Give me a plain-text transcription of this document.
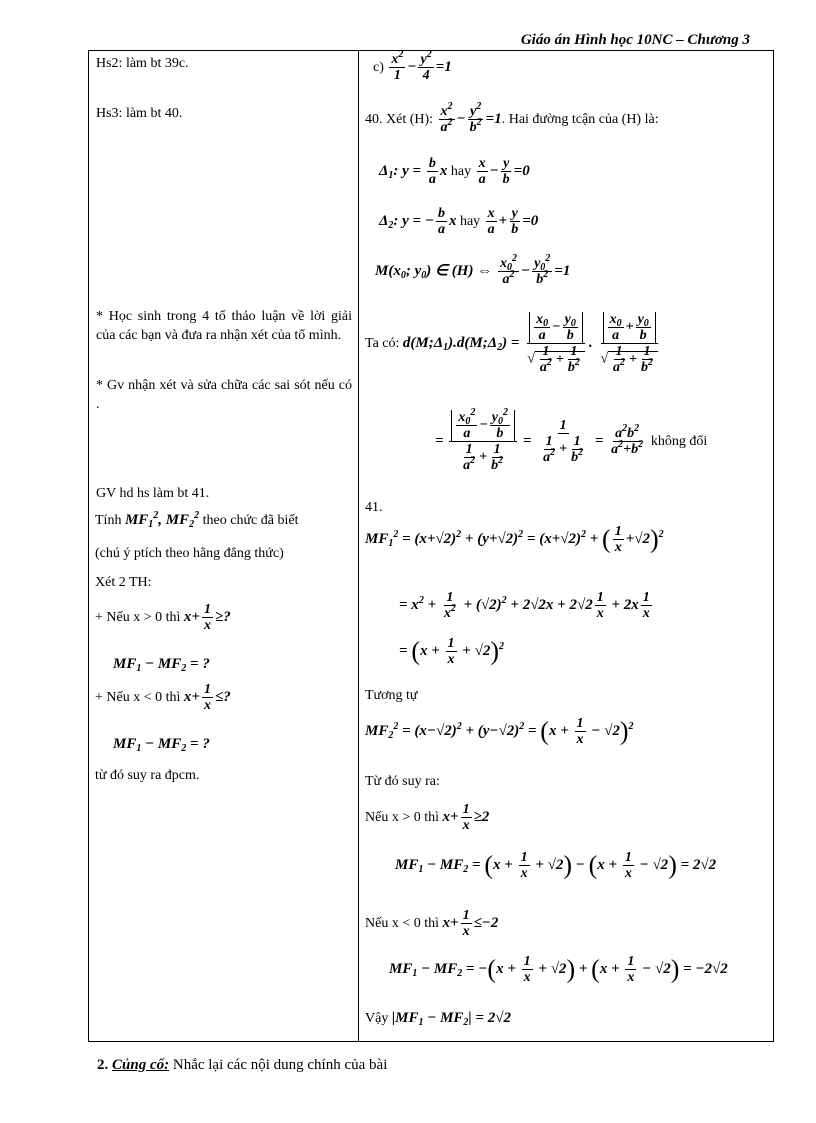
Giáo án Hình học 10NC – Chương 3
Hs2: làm bt 39c.
Hs3: làm bt 40.
* Học sinh trong 4 tổ thảo luận về lời giải của các bạn và đưa ra nhận xét của tổ mình.
* Gv nhận xét và sửa chữa các sai sót nếu có .
GV hd hs làm bt 41.
Tính $MF_1^2$, $MF_2^2$ theo chức đã biết
(chú ý ptích theo hằng đẳng thức)
Xét 2 TH:
+ Nếu x > 0 thì $x+ \frac{1}{x}$ ≥?
$MF_1 - MF_2$ = ?
+ Nếu x < 0 thì $x+ \frac{1}{x}$ ≤?
$MF_1 - MF_2$ = ?
từ đó suy ra đpcm.
$c) \frac{x^2}{1} - \frac{y^2}{4} =1$
40. Xét (H): $\frac{x^2}{a^2} - \frac{y^2}{b^2} =1$. Hai đường tcận của (H) là:
$\Delta_1$: $y = \frac{b}{a}$ x hay $\frac{x}{a} - \frac{y}{b} =0$
$\Delta_2$: y = − $\frac{b}{a}$ x hay $\frac{x}{a} + \frac{y}{b} =0$
$M(x_0$; $y_0$) ∈ (H) ⇔ $\frac{x_0^2}{a^2} - \frac{y_0^2}{b^2} =1$
Ta có: $d(M;\Delta_1).d(M;\Delta_2) = \frac{\frac{x_0}{a} - \frac{y_0}{b}}{√ \frac{1}{a^2} + \frac{1}{b^2}}$ . $\frac{\frac{x_0}{a} + \frac{y_0}{b}}{√ \frac{1}{a^2} + \frac{1}{b^2}}$
= $\frac{\frac{x_0^2}{a} - \frac{y_0^2}{b}}{\frac{1}{a^2} + \frac{1}{b^2}} = \frac{1}{\frac{1}{a^2} + \frac{1}{b^2}} = \frac{a^2b^2}{a^2+b^2}$ không đổi
41.
$MF_1^2 = (x+√2)^2 + (y+√2)^2 = (x+√2)^2$ + ( $\frac{1}{x} +√2)^2$
= $x^2 + \frac{1}{x^2} + (√2)^2 + 2√2x + 2√2 \frac{1}{x} + 2x \frac{1}{x}$
= $(x + \frac{1}{x} + √2)^2$
Tương tự
$MF_2^2 = (x-√2)^2 + (y-√2)^2 = (x + \frac{1}{x} - √2)^2$
Từ đó suy ra:
Nếu x > 0 thì $x+ \frac{1}{x} \ge 2$
$MF_1 - MF_2 = (x + \frac{1}{x} + √2) - (x + \frac{1}{x} - √2) = 2√2$
Nếu x < 0 thì $x+ \frac{1}{x} \le-2$
$MF_1 - MF_2 = -(x + \frac{1}{x} + √2) + (x + \frac{1}{x} - √2) = -2√2$
Vậy $|MF_1 - MF_2| = 2√2$
2. Củng cố: Nhắc lại các nội dung chính của bài
